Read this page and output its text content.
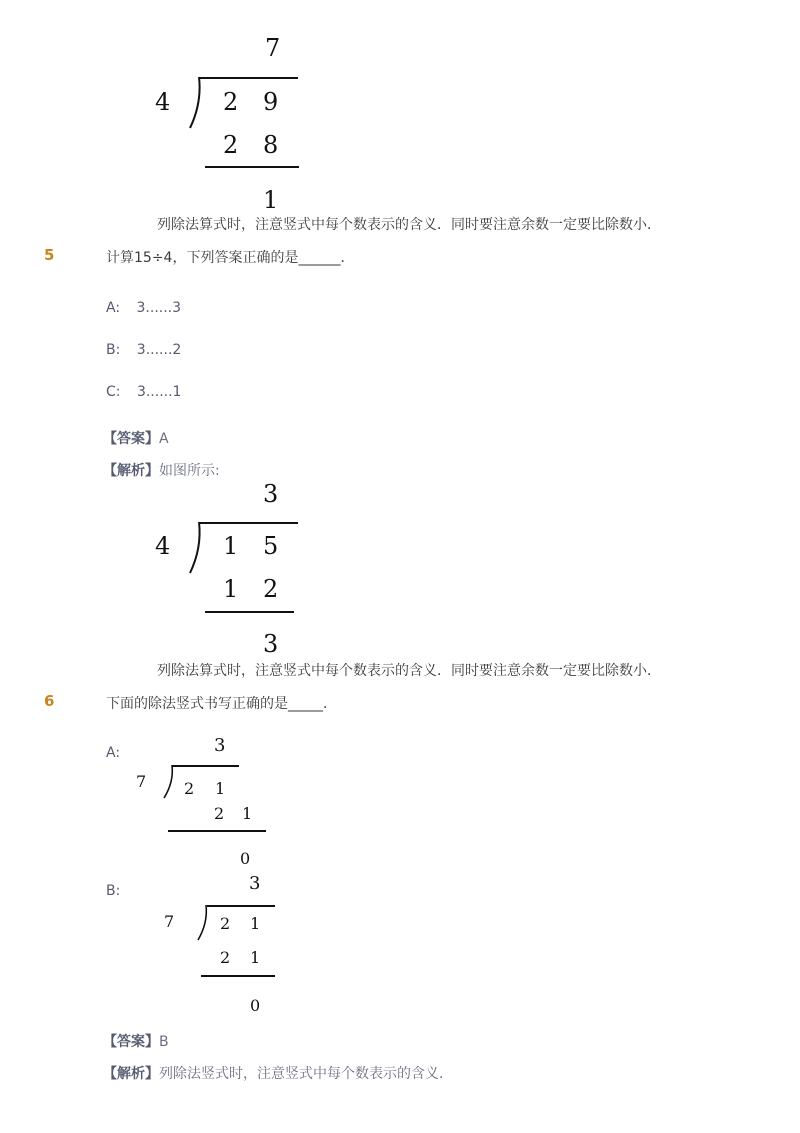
7
4 2 9
2 8
1
列除法算式时，注意竖式中每个数表示的含义．同时要注意余数一定要比除数小．
5	计算15÷4，下列答案正确的是______．
A: 3......3
B: 3......2
C: 3......1
【答案】A
【解析】如图所示:
3
4 1 5
1 2
3
列除法算式时，注意竖式中每个数表示的含义．同时要注意余数一定要比除数小．
6	下面的除法竖式书写正确的是_____．
A:	3
7 2 1
2 1
0
B:	3
7	2 1
2 1
0
【答案】B
【解析】列除法竖式时，注意竖式中每个数表示的含义．
